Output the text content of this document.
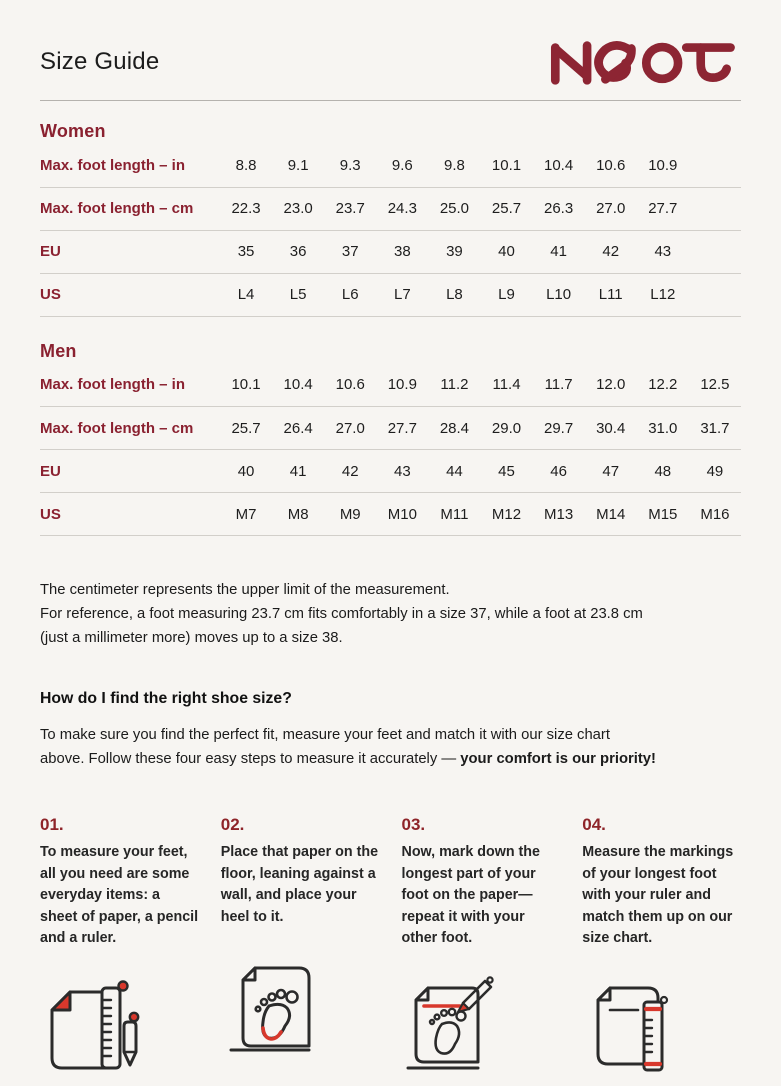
Size Guide
Women
Max. foot length – in	8.8	9.1	9.3	9.6	9.8	10.1	10.4	10.6	10.9	
Max. foot length – cm	22.3	23.0	23.7	24.3	25.0	25.7	26.3	27.0	27.7	
EU	35	36	37	38	39	40	41	42	43	
US	L4	L5	L6	L7	L8	L9	L10	L11	L12	
Men
Max. foot length – in	10.1	10.4	10.6	10.9	11.2	11.4	11.7	12.0	12.2	12.5
Max. foot length – cm	25.7	26.4	27.0	27.7	28.4	29.0	29.7	30.4	31.0	31.7
EU	40	41	42	43	44	45	46	47	48	49
US	M7	M8	M9	M10	M11	M12	M13	M14	M15	M16
The centimeter represents the upper limit of the measurement.
For reference, a foot measuring 23.7 cm fits comfortably in a size 37, while a foot at 23.8 cm
(just a millimeter more) moves up to a size 38.
How do I find the right shoe size?

To make sure you find the perfect fit, measure your feet and match it with our size chart
above. Follow these four easy steps to measure it accurately — your comfort is our priority!

01.
To measure your feet, all you need are some everyday items: a sheet of paper, a pencil and a ruler.
02.
Place that paper on the floor, leaning against a wall, and place your heel to it.
03.
Now, mark down the longest part of your foot on the paper—repeat it with your other foot.
04.
Measure the markings of your longest foot with your ruler and match them up on our size chart.
